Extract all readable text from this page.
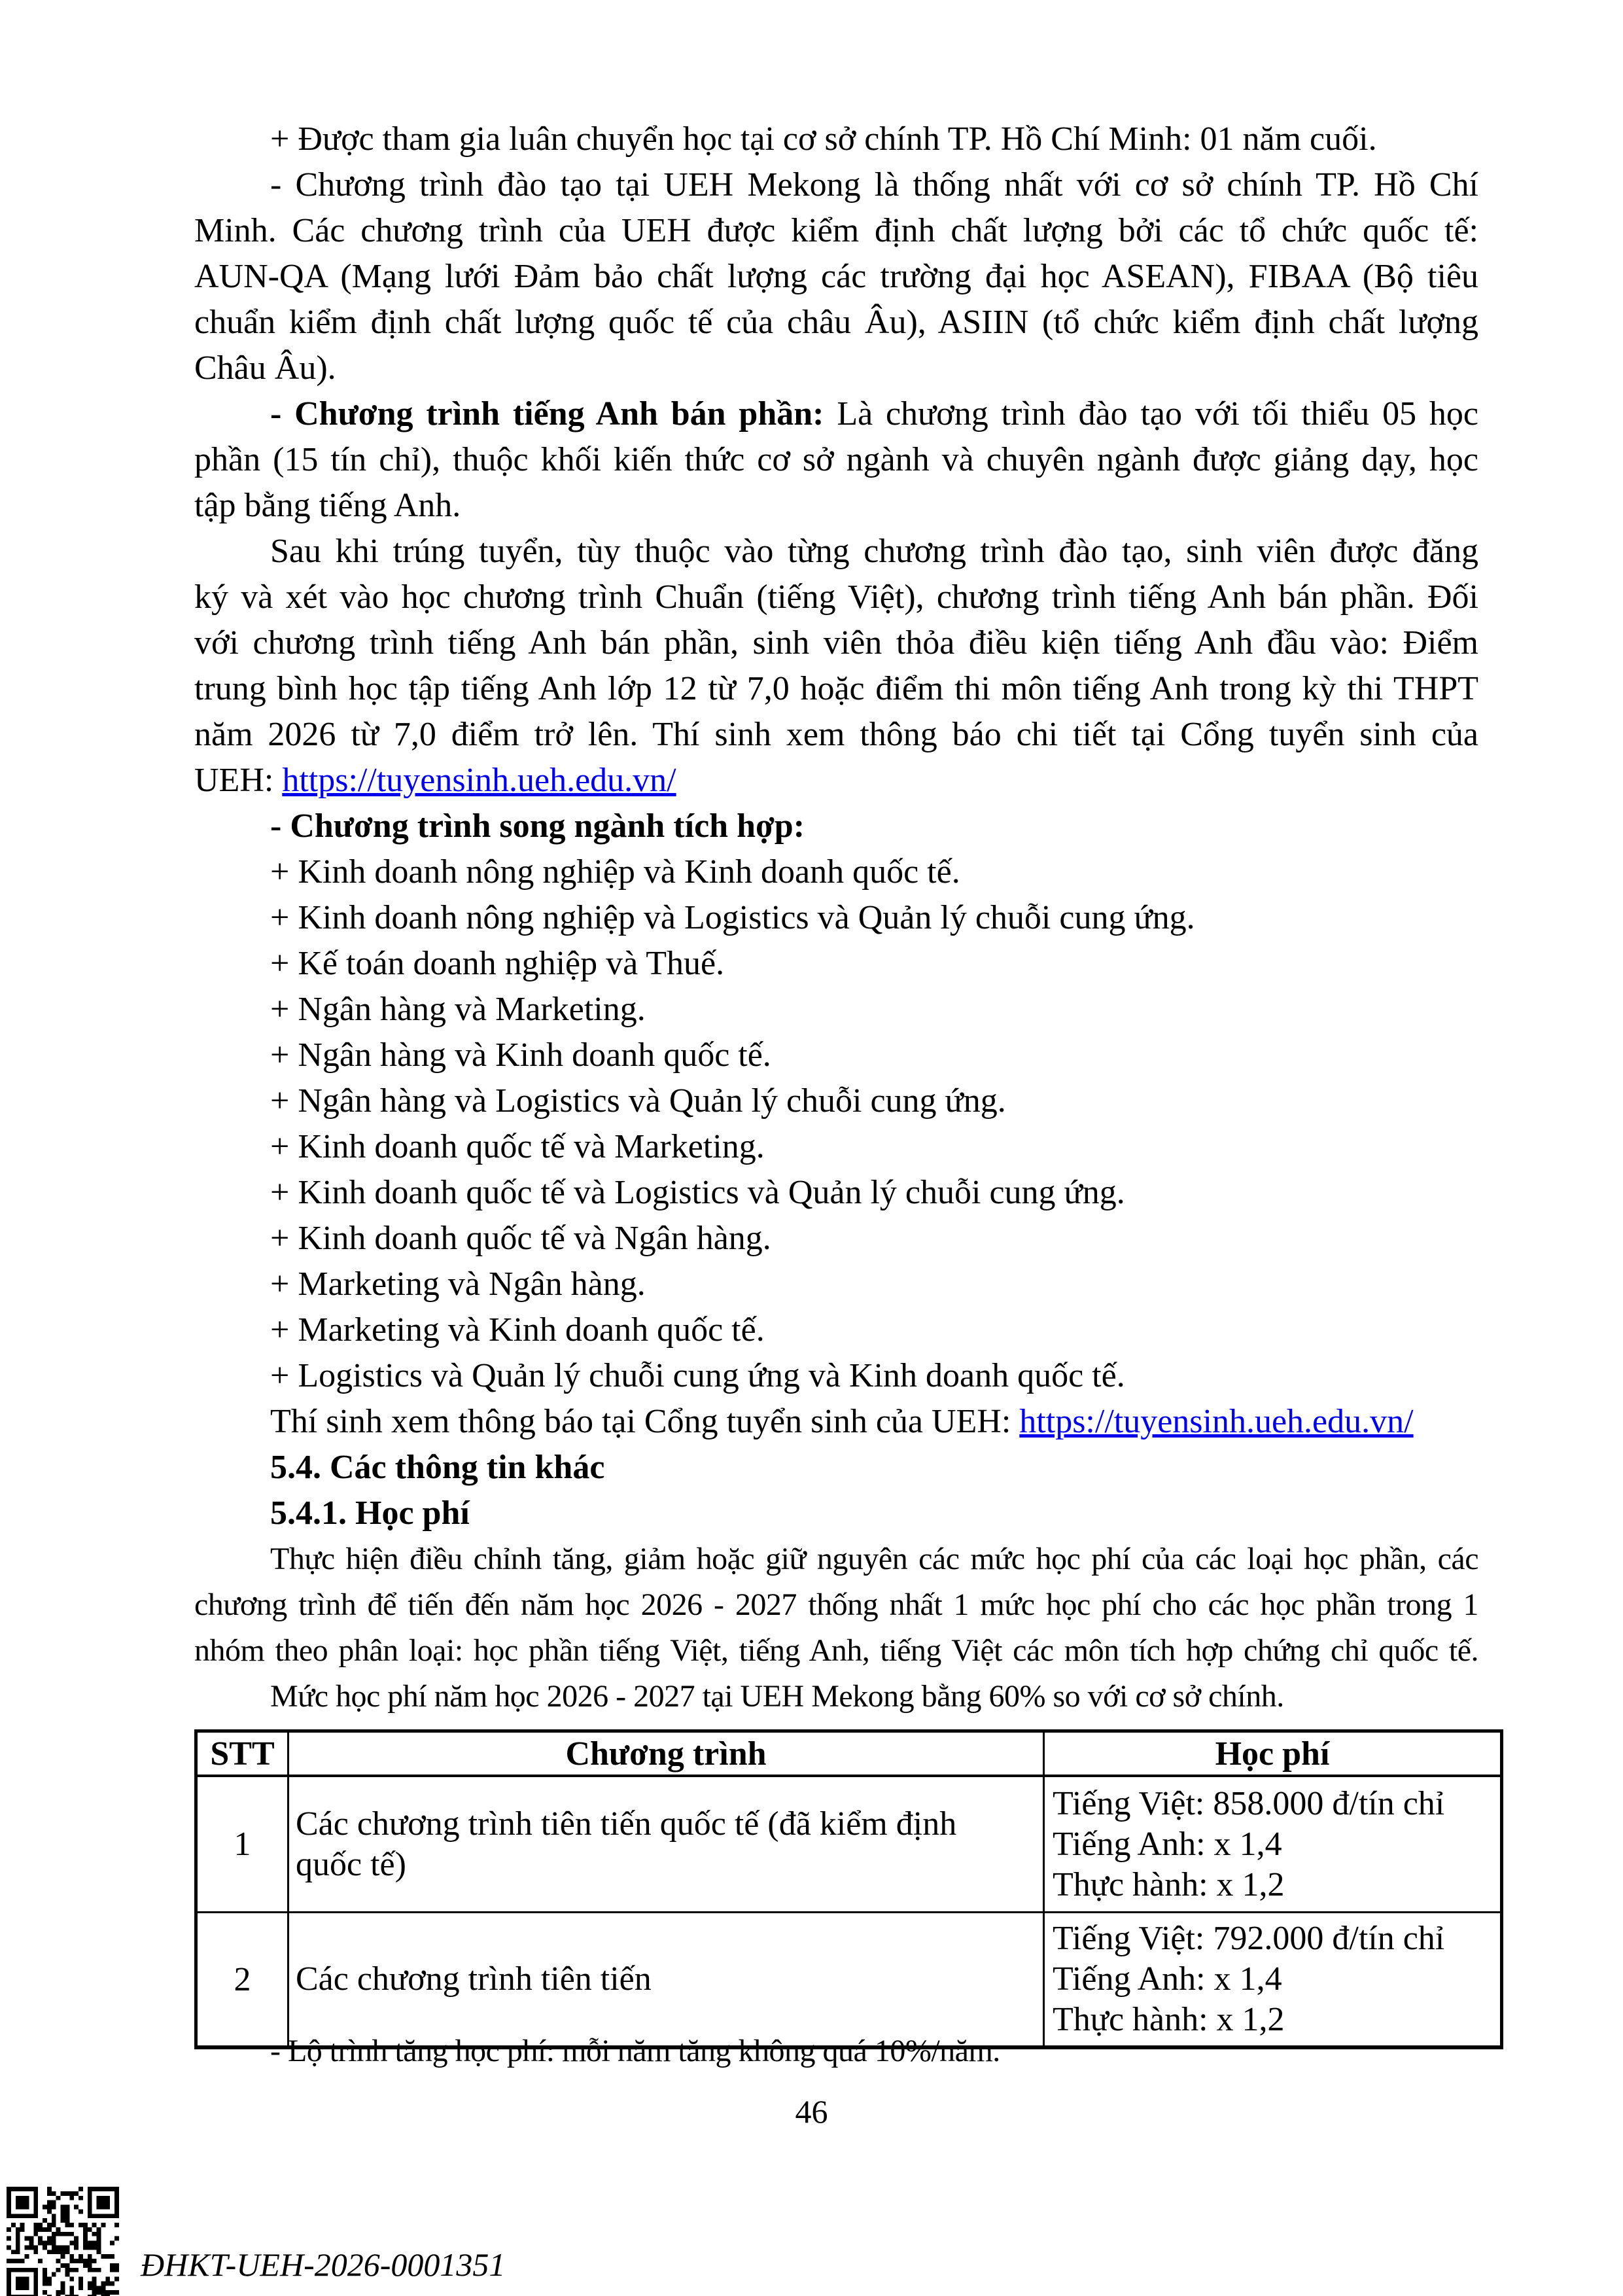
+ Được tham gia luân chuyển học tại cơ sở chính TP. Hồ Chí Minh: 01 năm cuối.
- Chương trình đào tạo tại UEH Mekong là thống nhất với cơ sở chính TP. Hồ Chí
Minh. Các chương trình của UEH được kiểm định chất lượng bởi các tổ chức quốc tế:
AUN-QA (Mạng lưới Đảm bảo chất lượng các trường đại học ASEAN), FIBAA (Bộ tiêu
chuẩn kiểm định chất lượng quốc tế của châu Âu), ASIIN (tổ chức kiểm định chất lượng
Châu Âu).
- Chương trình tiếng Anh bán phần: Là chương trình đào tạo với tối thiểu 05 học
phần (15 tín chỉ), thuộc khối kiến thức cơ sở ngành và chuyên ngành được giảng dạy, học
tập bằng tiếng Anh.
Sau khi trúng tuyển, tùy thuộc vào từng chương trình đào tạo, sinh viên được đăng
ký và xét vào học chương trình Chuẩn (tiếng Việt), chương trình tiếng Anh bán phần. Đối
với chương trình tiếng Anh bán phần, sinh viên thỏa điều kiện tiếng Anh đầu vào: Điểm
trung bình học tập tiếng Anh lớp 12 từ 7,0 hoặc điểm thi môn tiếng Anh trong kỳ thi THPT
năm 2026 từ 7,0 điểm trở lên. Thí sinh xem thông báo chi tiết tại Cổng tuyển sinh của
UEH: https://tuyensinh.ueh.edu.vn/
- Chương trình song ngành tích hợp:
+ Kinh doanh nông nghiệp và Kinh doanh quốc tế.
+ Kinh doanh nông nghiệp và Logistics và Quản lý chuỗi cung ứng.
+ Kế toán doanh nghiệp và Thuế.
+ Ngân hàng và Marketing.
+ Ngân hàng và Kinh doanh quốc tế.
+ Ngân hàng và Logistics và Quản lý chuỗi cung ứng.
+ Kinh doanh quốc tế và Marketing.
+ Kinh doanh quốc tế và Logistics và Quản lý chuỗi cung ứng.
+ Kinh doanh quốc tế và Ngân hàng.
+ Marketing và Ngân hàng.
+ Marketing và Kinh doanh quốc tế.
+ Logistics và Quản lý chuỗi cung ứng và Kinh doanh quốc tế.
Thí sinh xem thông báo tại Cổng tuyển sinh của UEH: https://tuyensinh.ueh.edu.vn/
5.4. Các thông tin khác
5.4.1. Học phí
Thực hiện điều chỉnh tăng, giảm hoặc giữ nguyên các mức học phí của các loại học phần, các
chương trình để tiến đến năm học 2026 - 2027 thống nhất 1 mức học phí cho các học phần trong 1
nhóm theo phân loại: học phần tiếng Việt, tiếng Anh, tiếng Việt các môn tích hợp chứng chỉ quốc tế.
Mức học phí năm học 2026 - 2027 tại UEH Mekong bằng 60% so với cơ sở chính.
STT	Chương trình	Học phí
1	Các chương trình tiên tiến quốc tế (đã kiểm định quốc tế)	Tiếng Việt: 858.000 đ/tín chỉ
Tiếng Anh: x 1,4
Thực hành: x 1,2

2	Các chương trình tiên tiến	Tiếng Việt: 792.000 đ/tín chỉ
Tiếng Anh: x 1,4
Thực hành: x 1,2
- Lộ trình tăng học phí: mỗi năm tăng không quá 10%/năm.
46
ĐHKT-UEH-2026-0001351
